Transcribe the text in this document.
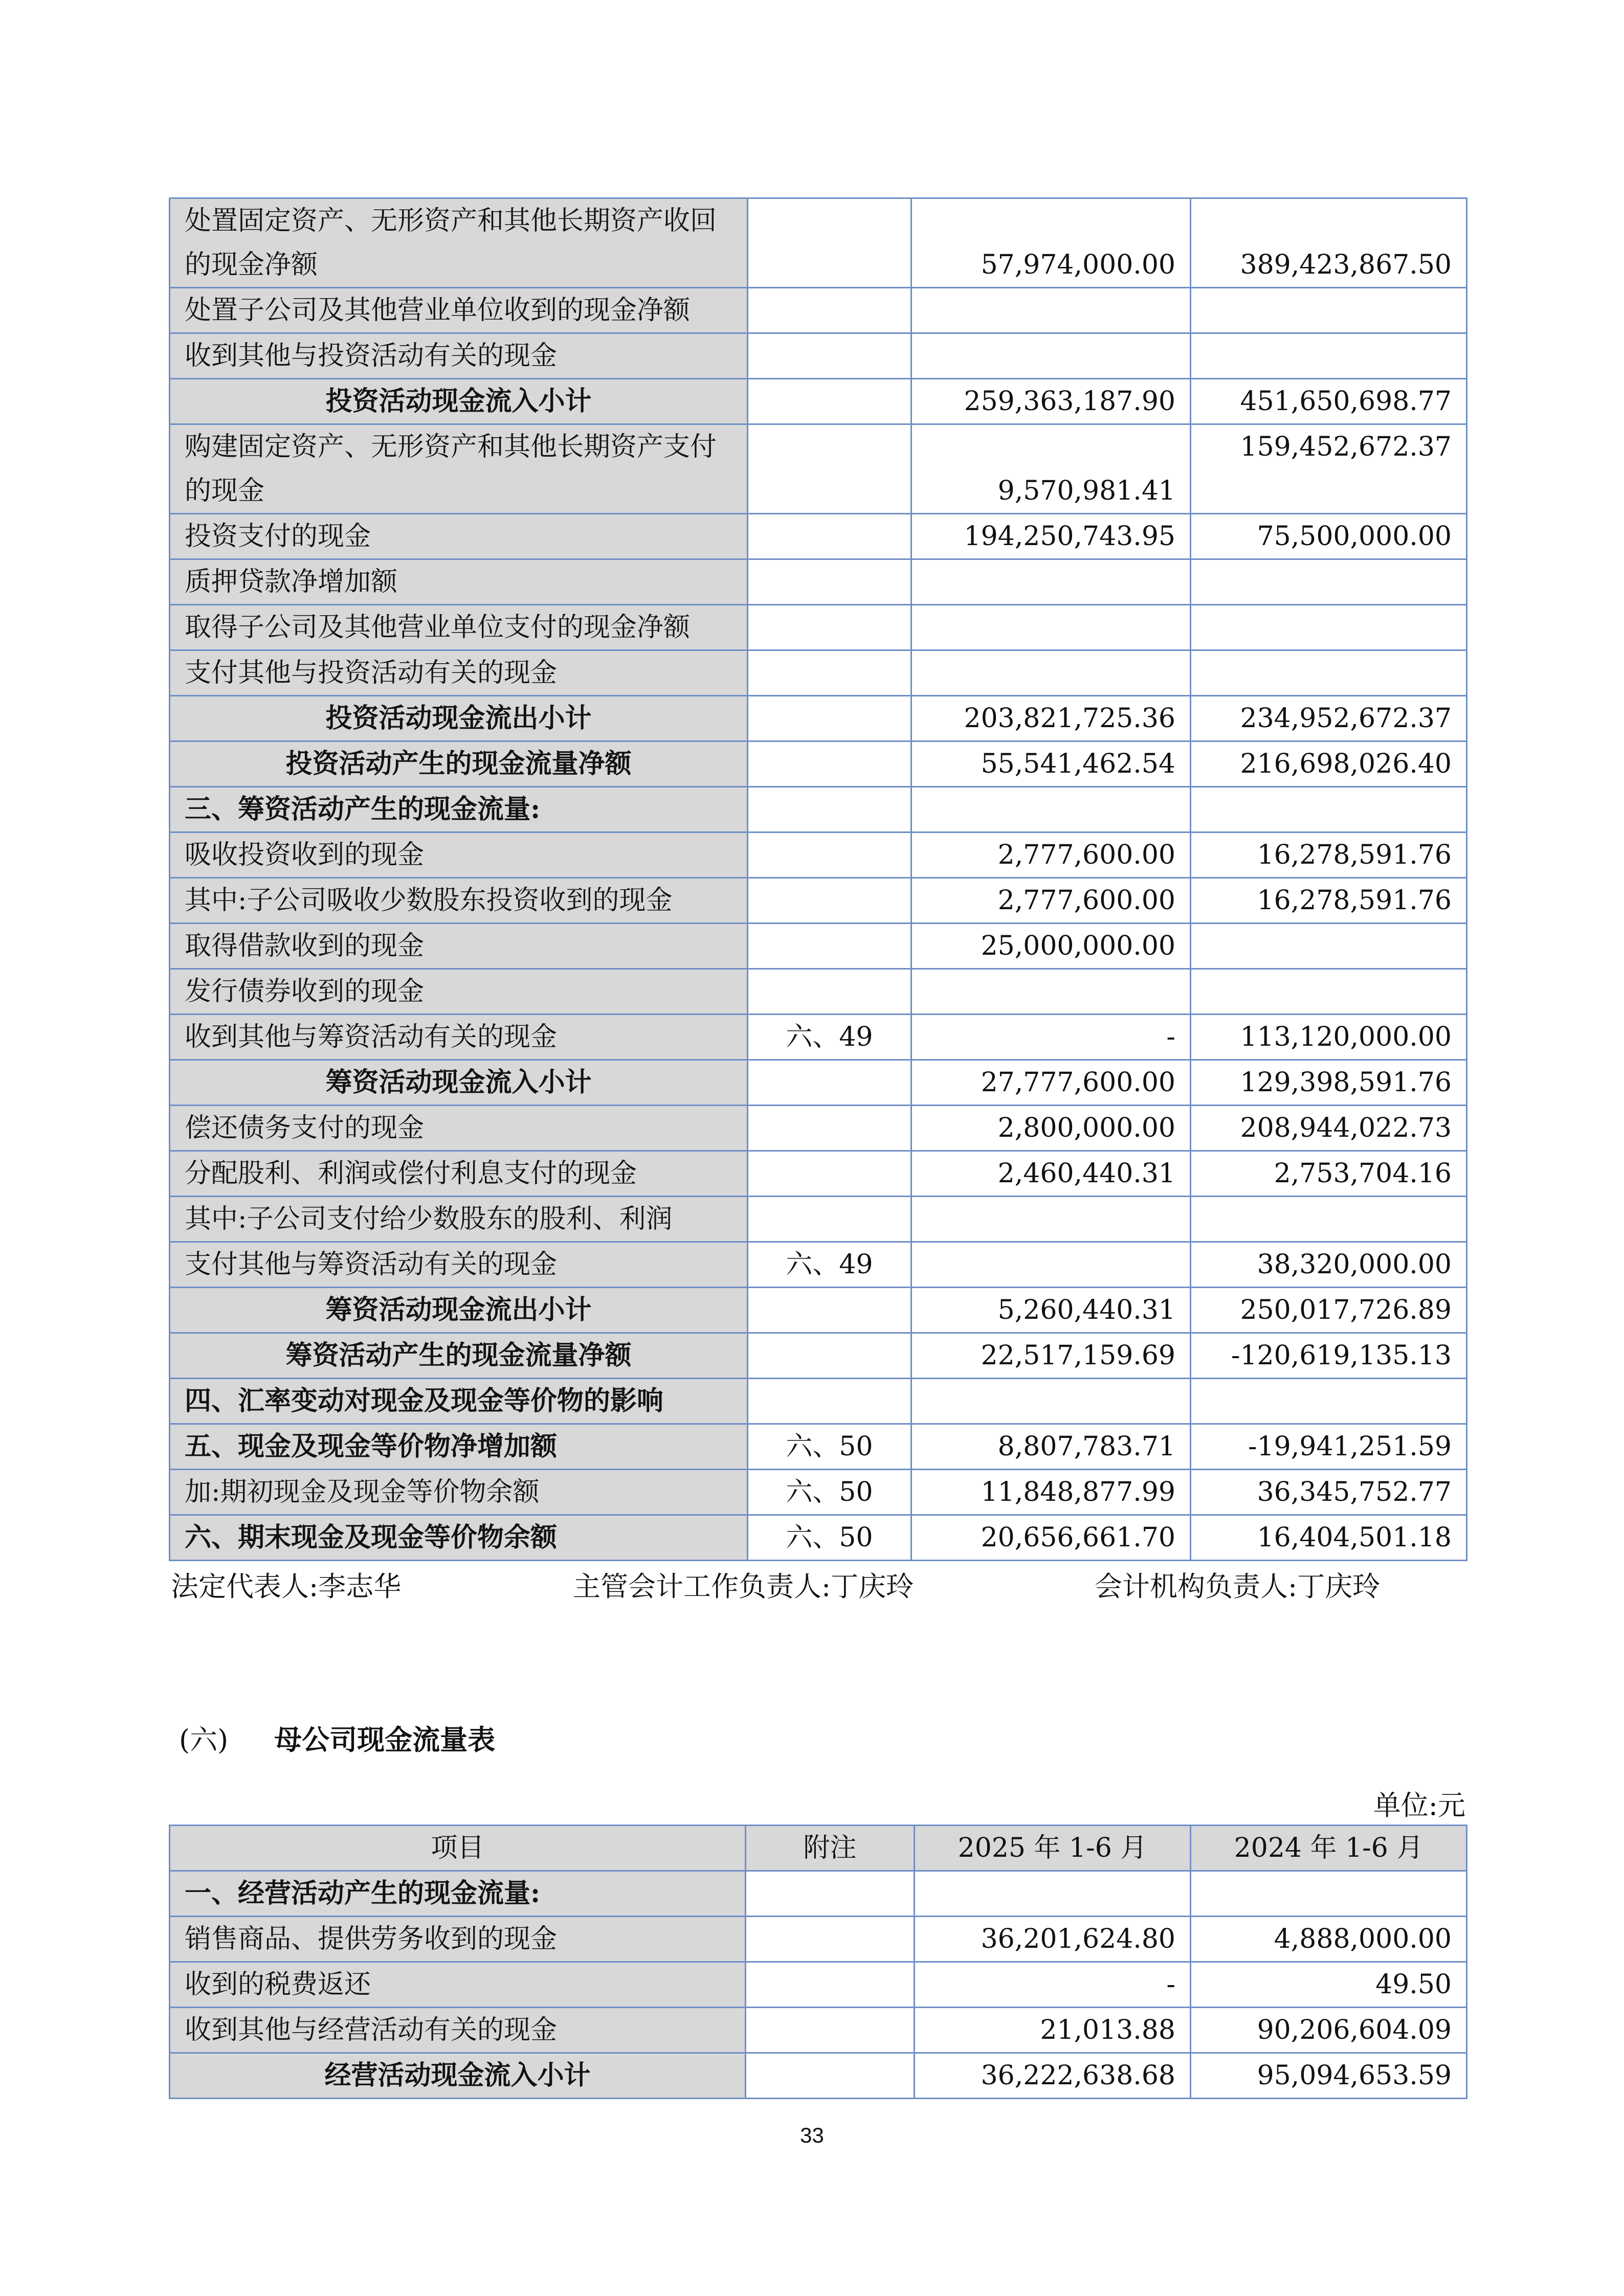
处置固定资产、无形资产和其他长期资产收回的现金净额		57,974,000.00	389,423,867.50
处置子公司及其他营业单位收到的现金净额			
收到其他与投资活动有关的现金			
投资活动现金流入小计		259,363,187.90	451,650,698.77
购建固定资产、无形资产和其他长期资产支付的现金		9,570,981.41	159,452,672.37
投资支付的现金		194,250,743.95	75,500,000.00
质押贷款净增加额			
取得子公司及其他营业单位支付的现金净额			
支付其他与投资活动有关的现金			
投资活动现金流出小计		203,821,725.36	234,952,672.37
投资活动产生的现金流量净额		55,541,462.54	216,698,026.40
三、筹资活动产生的现金流量:			
吸收投资收到的现金		2,777,600.00	16,278,591.76
其中:子公司吸收少数股东投资收到的现金		2,777,600.00	16,278,591.76
取得借款收到的现金		25,000,000.00	
发行债券收到的现金			
收到其他与筹资活动有关的现金	六、49	-	113,120,000.00
筹资活动现金流入小计		27,777,600.00	129,398,591.76
偿还债务支付的现金		2,800,000.00	208,944,022.73
分配股利、利润或偿付利息支付的现金		2,460,440.31	2,753,704.16
其中:子公司支付给少数股东的股利、利润			
支付其他与筹资活动有关的现金	六、49		38,320,000.00
筹资活动现金流出小计		5,260,440.31	250,017,726.89
筹资活动产生的现金流量净额		22,517,159.69	-120,619,135.13
四、汇率变动对现金及现金等价物的影响			
五、现金及现金等价物净增加额	六、50	8,807,783.71	-19,941,251.59
加:期初现金及现金等价物余额	六、50	11,848,877.99	36,345,752.77
六、期末现金及现金等价物余额	六、50	20,656,661.70	16,404,501.18
法定代表人:李志华	主管会计工作负责人:丁庆玲	会计机构负责人:丁庆玲
(六) 母公司现金流量表
单位:元
项目	附注	2025 年 1-6 月	2024 年 1-6 月
一、经营活动产生的现金流量:			
销售商品、提供劳务收到的现金		36,201,624.80	4,888,000.00
收到的税费返还		-	49.50
收到其他与经营活动有关的现金		21,013.88	90,206,604.09
经营活动现金流入小计		36,222,638.68	95,094,653.59
33
